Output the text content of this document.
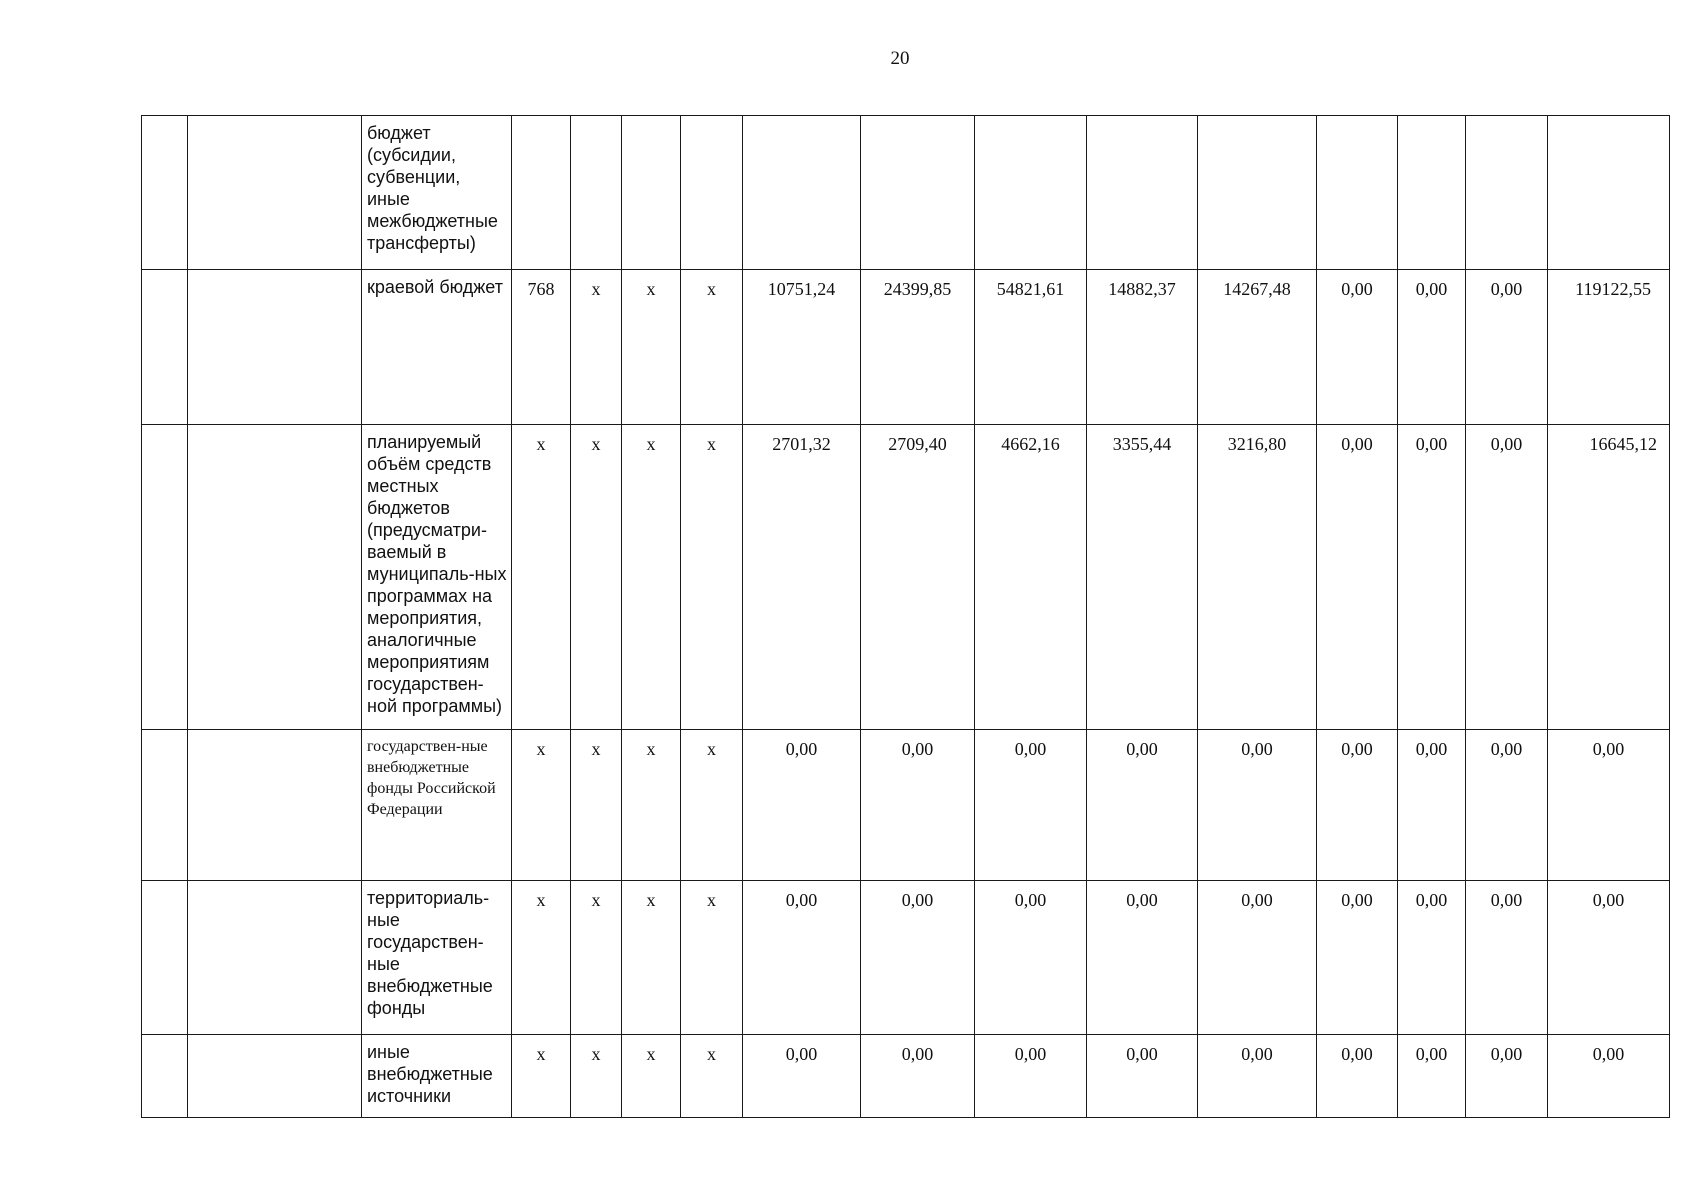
20
		бюджет (субсидии, субвенции, иные межбюджетные трансферты)													
		краевой бюджет	768	х	х	х	10751,24	24399,85	54821,61	14882,37	14267,48	0,00	0,00	0,00	119122,55
		планируемый объём средств местных бюджетов (предусматри-ваемый в муниципаль-ных программах на мероприятия, аналогичные мероприятиям государствен-ной программы)	х	х	х	х	2701,32	2709,40	4662,16	3355,44	3216,80	0,00	0,00	0,00	16645,12
		государствен-ные внебюджетные фонды Российской Федерации	х	х	х	х	0,00	0,00	0,00	0,00	0,00	0,00	0,00	0,00	0,00
		территориаль-ные государствен-ные внебюджетные фонды	х	х	х	х	0,00	0,00	0,00	0,00	0,00	0,00	0,00	0,00	0,00
		иные внебюджетные источники	х	х	х	х	0,00	0,00	0,00	0,00	0,00	0,00	0,00	0,00	0,00
